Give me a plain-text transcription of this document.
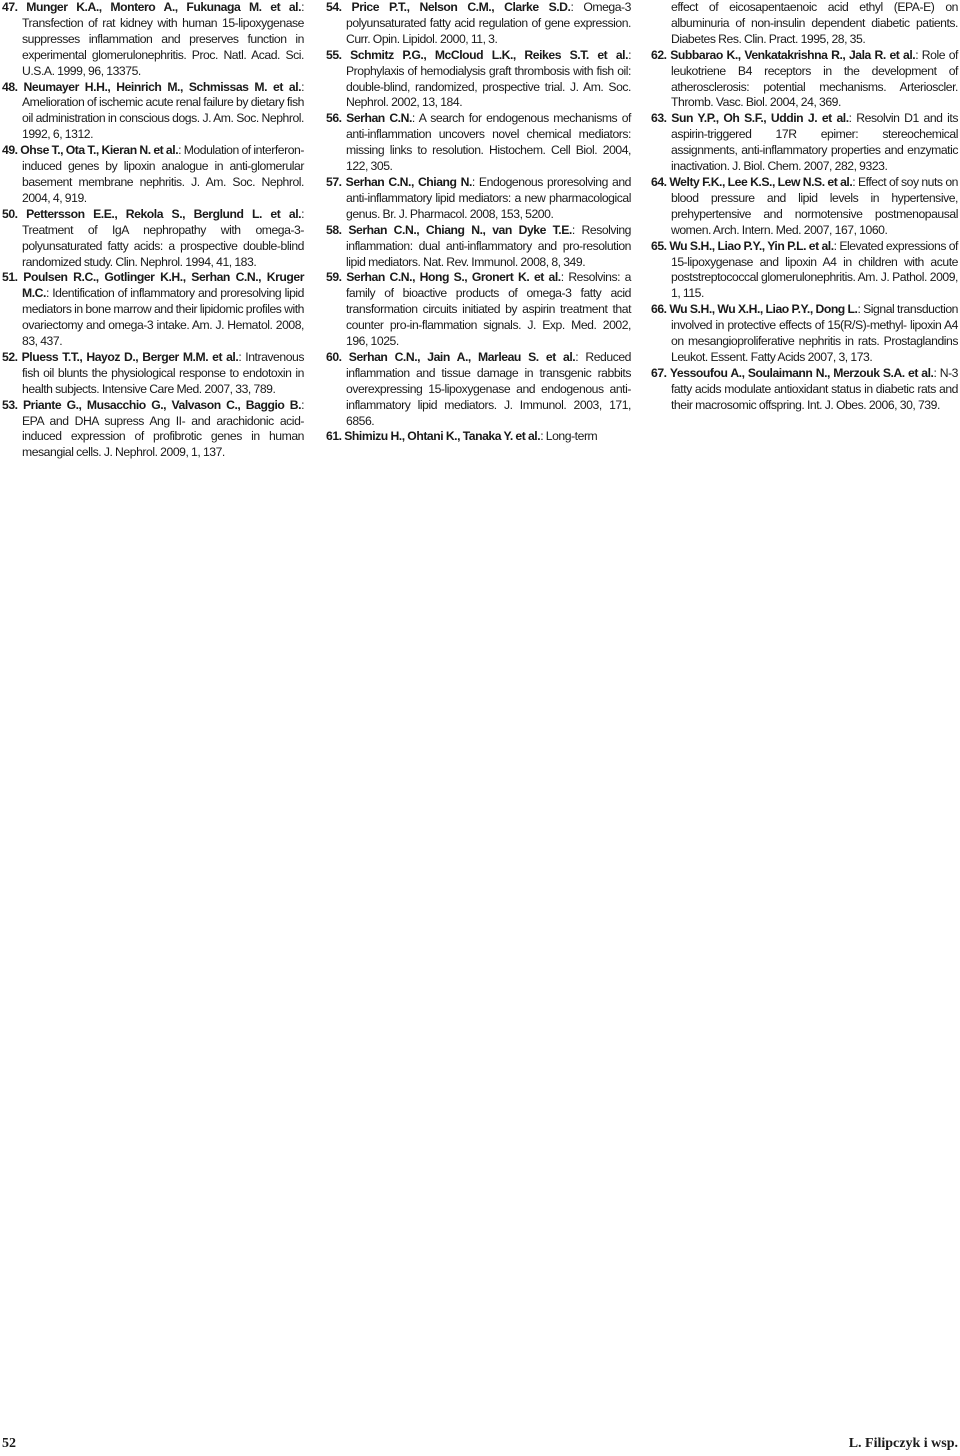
47. Munger K.A., Montero A., Fukunaga M. et al.: Transfection of rat kidney with human 15-lipoxygenase suppresses inflammation and preserves function in experimental glomerulonephritis. Proc. Natl. Acad. Sci. U.S.A. 1999, 96, 13375.
48. Neumayer H.H., Heinrich M., Schmissas M. et al.: Amelioration of ischemic acute renal failure by dietary fish oil administration in conscious dogs. J. Am. Soc. Nephrol. 1992, 6, 1312.
49. Ohse T., Ota T., Kieran N. et al.: Modulation of interferon-induced genes by lipoxin analogue in anti-glomerular basement membrane nephritis. J. Am. Soc. Nephrol. 2004, 4, 919.
50. Pettersson E.E., Rekola S., Berglund L. et al.: Treatment of IgA nephropathy with omega-3-polyunsaturated fatty acids: a prospective double-blind randomized study. Clin. Nephrol. 1994, 41, 183.
51. Poulsen R.C., Gotlinger K.H., Serhan C.N., Kruger M.C.: Identification of inflammatory and proresolving lipid mediators in bone marrow and their lipidomic profiles with ovariectomy and omega-3 intake. Am. J. Hematol. 2008, 83, 437.
52. Pluess T.T., Hayoz D., Berger M.M. et al.: Intravenous fish oil blunts the physiological response to endotoxin in health subjects. Intensive Care Med. 2007, 33, 789.
53. Priante G., Musacchio G., Valvason C., Baggio B.: EPA and DHA supress Ang II- and arachidonic acid-induced expression of profibrotic genes in human mesangial cells. J. Nephrol. 2009, 1, 137.
54. Price P.T., Nelson C.M., Clarke S.D.: Omega-3 polyunsaturated fatty acid regulation of gene expression. Curr. Opin. Lipidol. 2000, 11, 3.
55. Schmitz P.G., McCloud L.K., Reikes S.T. et al.: Prophylaxis of hemodialysis graft thrombosis with fish oil: double-blind, randomized, prospective trial. J. Am. Soc. Nephrol. 2002, 13, 184.
56. Serhan C.N.: A search for endogenous mechanisms of anti-inflammation uncovers novel chemical mediators: missing links to resolution. Histochem. Cell Biol. 2004, 122, 305.
57. Serhan C.N., Chiang N.: Endogenous proresolving and anti-inflammatory lipid mediators: a new pharmacological genus. Br. J. Pharmacol. 2008, 153, 5200.
58. Serhan C.N., Chiang N., van Dyke T.E.: Resolving inflammation: dual anti-inflammatory and pro-resolution lipid mediators. Nat. Rev. Immunol. 2008, 8, 349.
59. Serhan C.N., Hong S., Gronert K. et al.: Resolvins: a family of bioactive products of omega-3 fatty acid transformation circuits initiated by aspirin treatment that counter pro-in-flammation signals. J. Exp. Med. 2002, 196, 1025.
60. Serhan C.N., Jain A., Marleau S. et al.: Reduced inflammation and tissue damage in transgenic rabbits overexpressing 15-lipoxygenase and endogenous anti-inflammatory lipid mediators. J. Immunol. 2003, 171, 6856.
61. Shimizu H., Ohtani K., Tanaka Y. et al.: Long-term
effect of eicosapentaenoic acid ethyl (EPA-E) on albuminuria of non-insulin dependent diabetic patients. Diabetes Res. Clin. Pract. 1995, 28, 35.
62. Subbarao K., Venkatakrishna R., Jala R. et al.: Role of leukotriene B4 receptors in the development of atherosclerosis: potential mechanisms. Arterioscler. Thromb. Vasc. Biol. 2004, 24, 369.
63. Sun Y.P., Oh S.F., Uddin J. et al.: Resolvin D1 and its aspirin-triggered 17R epimer: stereochemical assignments, anti-inflammatory properties and enzymatic inactivation. J. Biol. Chem. 2007, 282, 9323.
64. Welty F.K., Lee K.S., Lew N.S. et al.: Effect of soy nuts on blood pressure and lipid levels in hypertensive, prehypertensive and normotensive postmenopausal women. Arch. Intern. Med. 2007, 167, 1060.
65. Wu S.H., Liao P.Y., Yin P.L. et al.: Elevated expressions of 15-lipoxygenase and lipoxin A4 in children with acute poststreptococcal glomerulonephritis. Am. J. Pathol. 2009, 1, 115.
66. Wu S.H., Wu X.H., Liao P.Y., Dong L.: Signal transduction involved in protective effects of 15(R/S)-methyl- lipoxin A4 on mesangioproliferative nephritis in rats. Prostaglandins Leukot. Essent. Fatty Acids 2007, 3, 173.
67. Yessoufou A., Soulaimann N., Merzouk S.A. et al.: N-3 fatty acids modulate antioxidant status in diabetic rats and their macrosomic offspring. Int. J. Obes. 2006, 30, 739.
52	L. Filipczyk i wsp.
